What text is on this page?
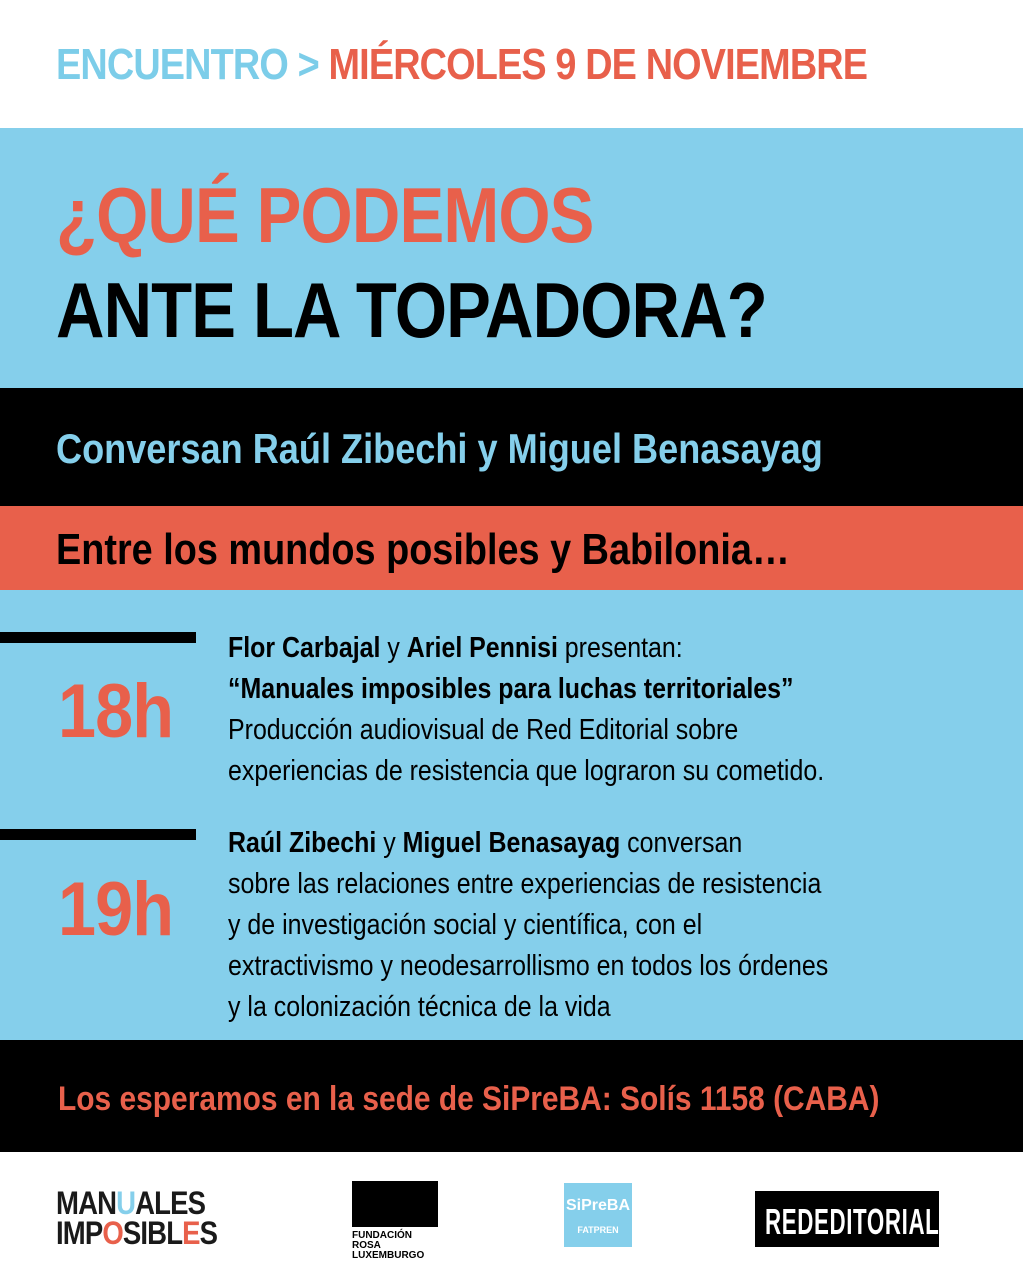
ENCUENTRO > MIÉRCOLES 9 DE NOVIEMBRE
¿QUÉ PODEMOS
ANTE LA TOPADORA?
Conversan Raúl Zibechi y Miguel Benasayag
Entre los mundos posibles y Babilonia…
18h
Flor Carbajal y Ariel Pennisi presentan:
“Manuales imposibles para luchas territoriales”
Producción audiovisual de Red Editorial sobre
experiencias de resistencia que lograron su cometido.
19h
Raúl Zibechi y Miguel Benasayag conversan
sobre las relaciones entre experiencias de resistencia
y de investigación social y científica, con el
extractivismo y neodesarrollismo en todos los órdenes
y la colonización técnica de la vida
Los esperamos en la sede de SiPreBA: Solís 1158 (CABA)
MANUALES
IMPOSIBLES	FUNDACIÓN
ROSA
LUXEMBURGO
SiPreBA
FATPREN	REDEDITORIAL
